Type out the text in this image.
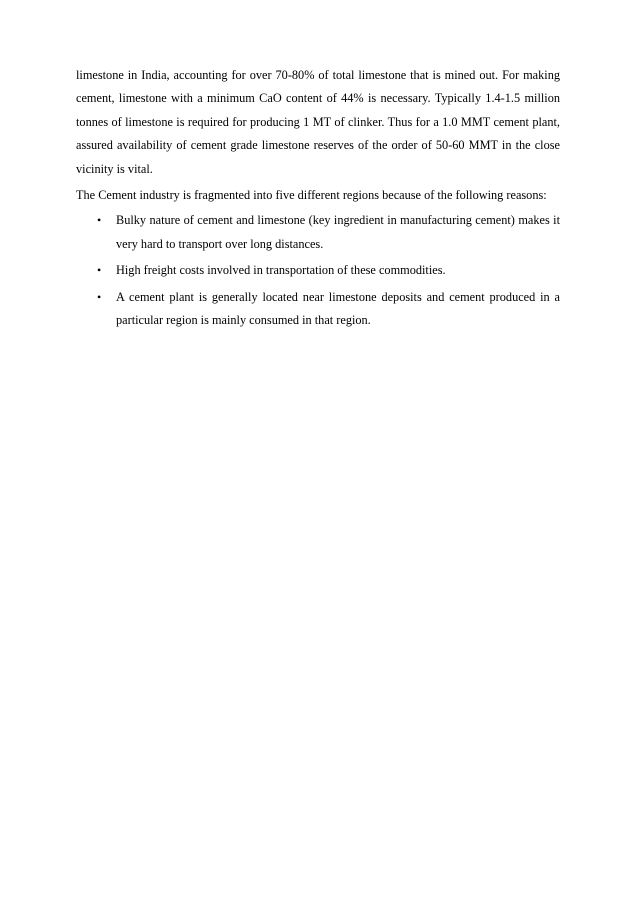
limestone in India, accounting for over 70-80% of total limestone that is mined out. For making cement, limestone with a minimum CaO content of 44% is necessary. Typically 1.4-1.5 million tonnes of limestone is required for producing 1 MT of clinker. Thus for a 1.0 MMT cement plant, assured availability of cement grade limestone reserves of the order of 50-60 MMT in the close vicinity is vital.

The Cement industry is fragmented into five different regions because of the following reasons:

• Bulky nature of cement and limestone (key ingredient in manufacturing cement) makes it very hard to transport over long distances.
• High freight costs involved in transportation of these commodities.
• A cement plant is generally located near limestone deposits and cement produced in a particular region is mainly consumed in that region.
